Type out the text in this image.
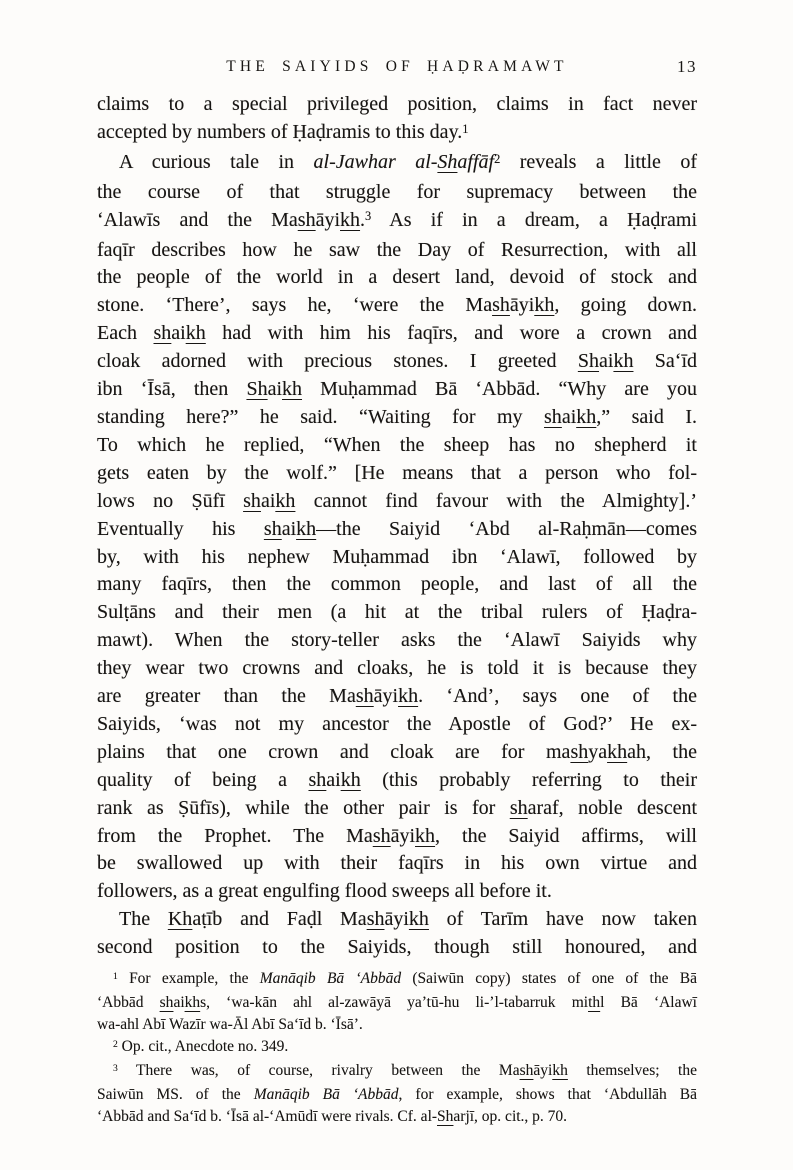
THE SAIYIDS OF ḤAḌRAMAWT	13
claims to a special privileged position, claims in fact never
accepted by numbers of Ḥaḍramis to this day.$^1$
A curious tale in al-Jawhar al-Shaffāf$^2$ reveals a little of
the course of that struggle for supremacy between the
‘Alawīs and the Mashāyikh.$^3$ As if in a dream, a Ḥaḍrami
faqīr describes how he saw the Day of Resurrection, with all
the people of the world in a desert land, devoid of stock and
stone. ‘There’, says he, ‘were the Mashāyikh, going down.
Each shaikh had with him his faqīrs, and wore a crown and
cloak adorned with precious stones. I greeted Shaikh Sa‘īd
ibn ‘Īsā, then Shaikh Muḥammad Bā ‘Abbād. “Why are you
standing here?” he said. “Waiting for my shaikh,” said I.
To which he replied, “When the sheep has no shepherd it
gets eaten by the wolf.” [He means that a person who fol-
lows no Ṣūfī shaikh cannot find favour with the Almighty].’
Eventually his shaikh—the Saiyid ‘Abd al-Raḥmān—comes
by, with his nephew Muḥammad ibn ‘Alawī, followed by
many faqīrs, then the common people, and last of all the
Sulṭāns and their men (a hit at the tribal rulers of Ḥaḍra-
mawt). When the story-teller asks the ‘Alawī Saiyids why
they wear two crowns and cloaks, he is told it is because they
are greater than the Mashāyikh. ‘And’, says one of the
Saiyids, ‘was not my ancestor the Apostle of God?’ He ex-
plains that one crown and cloak are for mashyakhah, the
quality of being a shaikh (this probably referring to their
rank as Ṣūfīs), while the other pair is for sharaf, noble descent
from the Prophet. The Mashāyikh, the Saiyid affirms, will
be swallowed up with their faqīrs in his own virtue and
followers, as a great engulfing flood sweeps all before it.
The Khaṭīb and Faḍl Mashāyikh of Tarīm have now taken
second position to the Saiyids, though still honoured, and
$^1$ For example, the Manāqib Bā ‘Abbād (Saiwūn copy) states of one of the Bā
‘Abbād shaikhs, ‘wa-kān ahl al-zawāyā ya’tū-hu li-’l-tabarruk mithl Bā ‘Alawī
wa-ahl Abī Wazīr wa-Āl Abī Sa‘īd b. ‘Īsā’.
$^2$ Op. cit., Anecdote no. 349.
$^3$ There was, of course, rivalry between the Mashāyikh themselves; the
Saiwūn MS. of the Manāqib Bā ‘Abbād, for example, shows that ‘Abdullāh Bā
‘Abbād and Sa‘īd b. ‘Īsā al-‘Amūdī were rivals. Cf. al-Sharjī, op. cit., p. 70.
